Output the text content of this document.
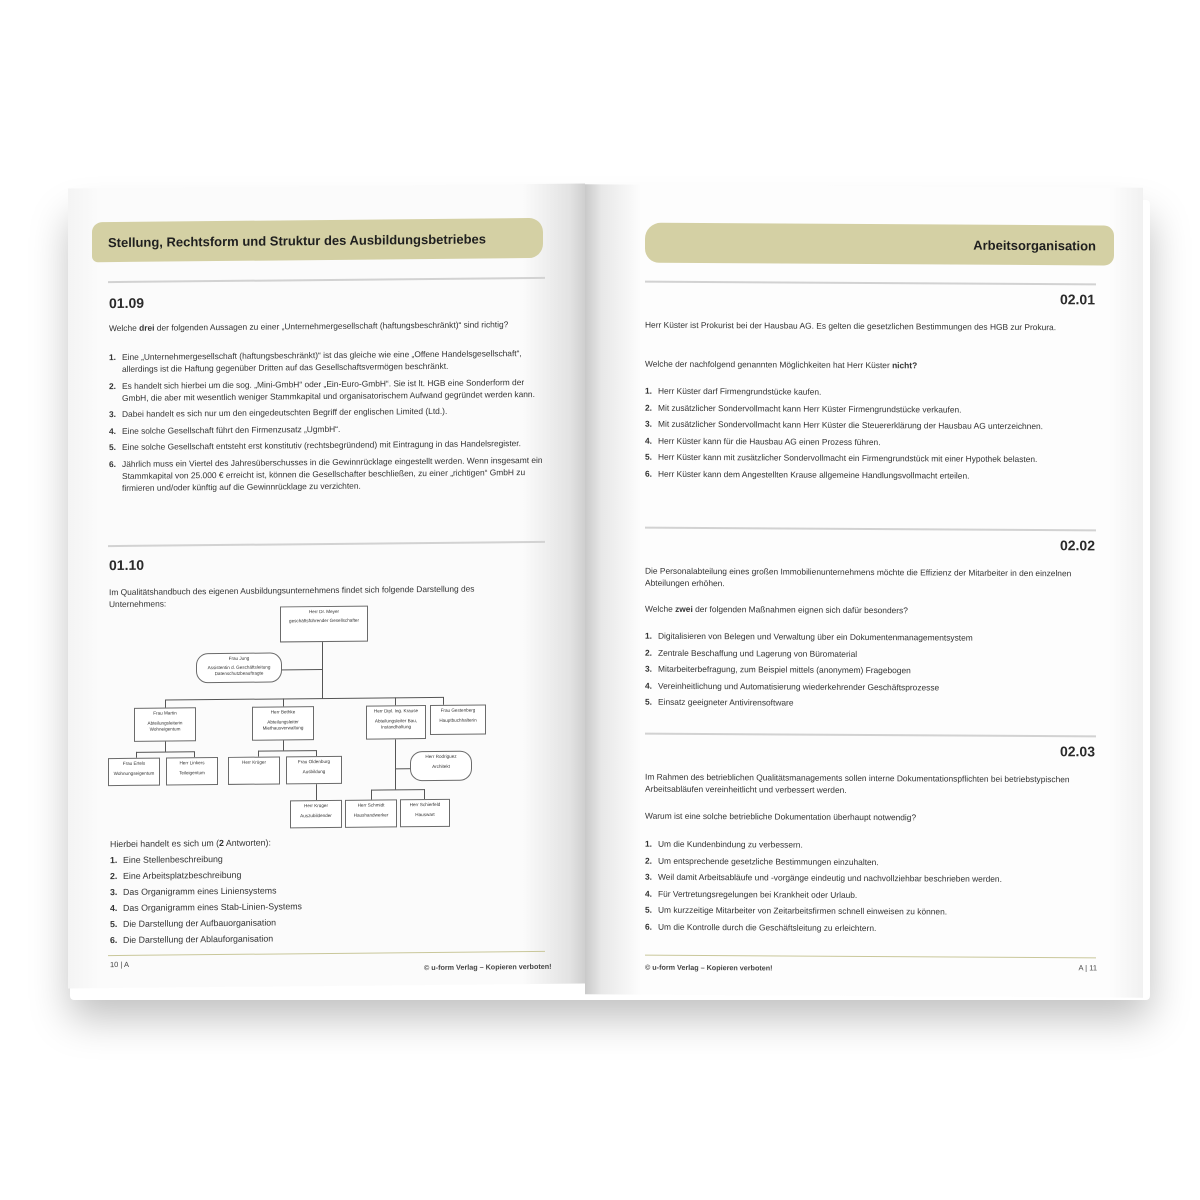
Stellung, Rechtsform und Struktur des Ausbildungsbetriebes
01.09
Welche drei der folgenden Aussagen zu einer „Unternehmergesellschaft (haftungsbeschränkt)“ sind richtig?
1. Eine „Unternehmergesellschaft (haftungsbeschränkt)“ ist das gleiche wie eine „Offene Handelsgesellschaft“, allerdings ist die Haftung gegenüber Dritten auf das Gesellschaftsvermögen beschränkt.
2. Es handelt sich hierbei um die sog. „Mini-GmbH“ oder „Ein-Euro-GmbH“. Sie ist lt. HGB eine Sonderform der GmbH, die aber mit wesentlich weniger Stammkapital und organisatorischem Aufwand gegründet werden kann.
3. Dabei handelt es sich nur um den eingedeutschten Begriff der englischen Limited (Ltd.).
4. Eine solche Gesellschaft führt den Firmenzusatz „UgmbH“.
5. Eine solche Gesellschaft entsteht erst konstitutiv (rechtsbegründend) mit Eintragung in das Handelsregister.
6. Jährlich muss ein Viertel des Jahresüberschusses in die Gewinnrücklage eingestellt werden. Wenn insgesamt ein Stammkapital von 25.000 € erreicht ist, können die Gesellschafter beschließen, zu einer „richtigen“ GmbH zu firmieren und/oder künftig auf die Gewinnrücklage zu verzichten.
01.10
Im Qualitätshandbuch des eigenen Ausbildungsunternehmens findet sich folgende Darstellung des Unternehmens:
Herr Dr. Meyer
geschäftsführender Gesellschafter
Frau Jung
Assistentin d. Geschäftsleitung Datenschutzbeauftragte
Frau Martin
Abteilungsleiterin Wohneigentum
Herr Bethke
Abteilungsleiter Miethausverwaltung
Herr Dipl. Ing. Krause
Abteilungsleiter Bau, Instandhaltung
Frau Gestenberg
Hauptbuchhalterin
Frau Ertels
Wohnungseigentum
Herr Linkers
Teileigentum
Herr Krüger	Frau Oldenburg
Ausbildung
Herr Rodriguez
Architekt
Herr Krüger
Auszubildender
Herr Schmidt
Haushandwerker
Herr Schierfeld
Hauswart
Hierbei handelt es sich um (2 Antworten):
1. Eine Stellenbeschreibung
2. Eine Arbeitsplatzbeschreibung
3. Das Organigramm eines Liniensystems
4. Das Organigramm eines Stab-Linien-Systems
5. Die Darstellung der Aufbauorganisation
6. Die Darstellung der Ablauforganisation
10 | A	© u-form Verlag – Kopieren verboten!
Arbeitsorganisation
02.01
Herr Küster ist Prokurist bei der Hausbau AG. Es gelten die gesetzlichen Bestimmungen des HGB zur Prokura.
Welche der nachfolgend genannten Möglichkeiten hat Herr Küster nicht?
1. Herr Küster darf Firmengrundstücke kaufen.
2. Mit zusätzlicher Sondervollmacht kann Herr Küster Firmengrundstücke verkaufen.
3. Mit zusätzlicher Sondervollmacht kann Herr Küster die Steuererklärung der Hausbau AG unterzeichnen.
4. Herr Küster kann für die Hausbau AG einen Prozess führen.
5. Herr Küster kann mit zusätzlicher Sondervollmacht ein Firmengrundstück mit einer Hypothek belasten.
6. Herr Küster kann dem Angestellten Krause allgemeine Handlungsvollmacht erteilen.
02.02
Die Personalabteilung eines großen Immobilienunternehmens möchte die Effizienz der Mitarbeiter in den einzelnen Abteilungen erhöhen.
Welche zwei der folgenden Maßnahmen eignen sich dafür besonders?
1. Digitalisieren von Belegen und Verwaltung über ein Dokumentenmanagementsystem
2. Zentrale Beschaffung und Lagerung von Büromaterial
3. Mitarbeiterbefragung, zum Beispiel mittels (anonymem) Fragebogen
4. Vereinheitlichung und Automatisierung wiederkehrender Geschäftsprozesse
5. Einsatz geeigneter Antivirensoftware
02.03
Im Rahmen des betrieblichen Qualitätsmanagements sollen interne Dokumentationspflichten bei betriebstypischen Arbeitsabläufen vereinheitlicht und verbessert werden.
Warum ist eine solche betriebliche Dokumentation überhaupt notwendig?
1. Um die Kundenbindung zu verbessern.
2. Um entsprechende gesetzliche Bestimmungen einzuhalten.
3. Weil damit Arbeitsabläufe und -vorgänge eindeutig und nachvollziehbar beschrieben werden.
4. Für Vertretungsregelungen bei Krankheit oder Urlaub.
5. Um kurzzeitige Mitarbeiter von Zeitarbeitsfirmen schnell einweisen zu können.
6. Um die Kontrolle durch die Geschäftsleitung zu erleichtern.
© u-form Verlag – Kopieren verboten!	A | 11
